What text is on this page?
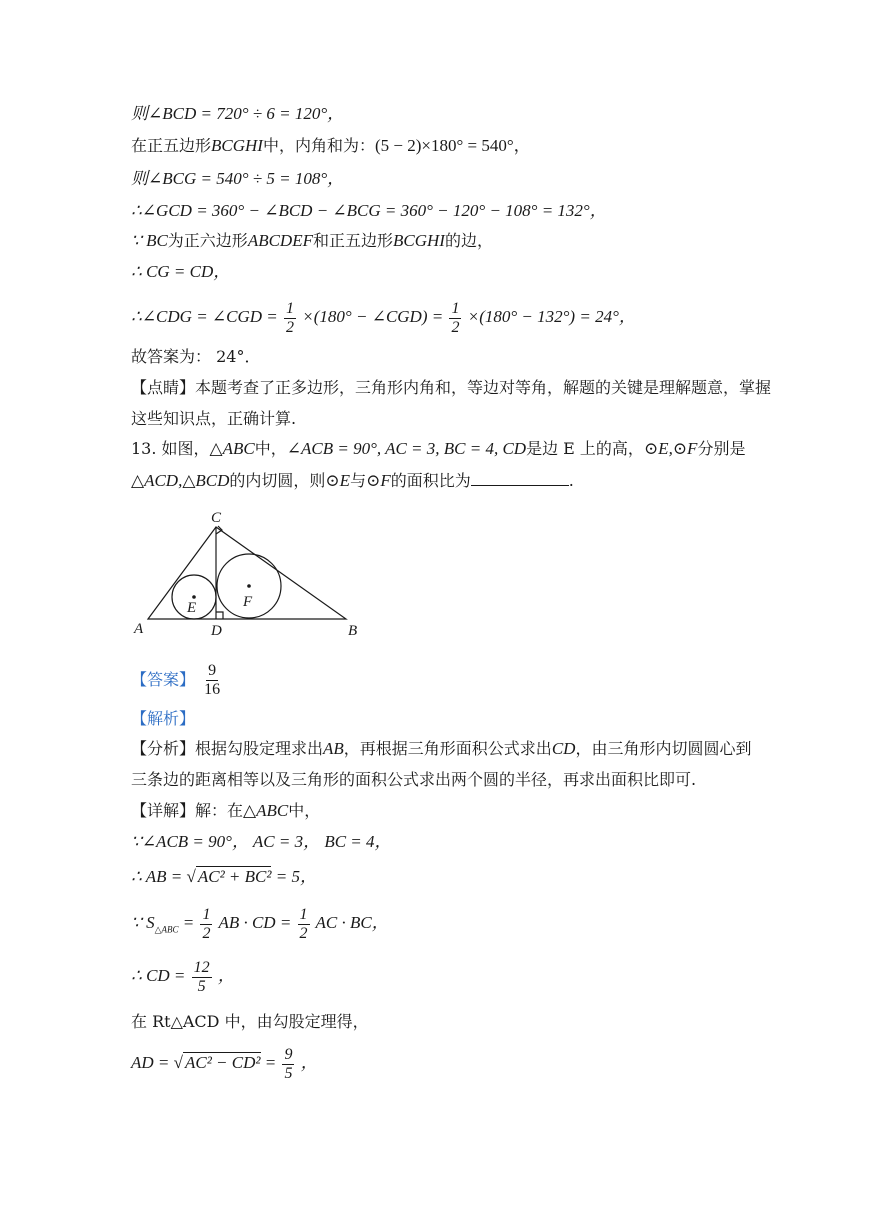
则∠BCD = 720° ÷ 6 = 120°，
在正五边形BCGHI中，内角和为：(5 − 2)×180° = 540°，
则∠BCG = 540° ÷ 5 = 108°，
∴∠GCD = 360° − ∠BCD − ∠BCG = 360° − 120° − 108° = 132°，
∵ BC为正六边形ABCDEF和正五边形BCGHI的边，
∴ CG = CD，
∴∠CDG = ∠CGD = $\frac{1}{2} \times(180^\circ$ − ∠CGD) = $\frac{1}{2} \times(180^\circ - 132^\circ) = 24^\circ$，
故答案为： 24°．
【点睛】本题考查了正多边形，三角形内角和，等边对等角，解题的关键是理解题意，掌握
这些知识点，正确计算.
13. 如图，△ABC中，∠ACB = 90°, AC = 3, BC = 4, CD是边 E 上的高，⊙E,⊙F分别是
△ACD,△BCD的内切圆，则⊙E与⊙F的面积比为	.
A	B
C
D
E	F
【答案】 $\frac{9}{16}$
【解析】
【分析】根据勾股定理求出AB，再根据三角形面积公式求出CD，由三角形内切圆圆心到
三条边的距离相等以及三角形的面积公式求出两个圆的半径，再求出面积比即可.
【详解】解：在△ABC中，
∵∠ACB = 90°， AC = 3， BC = 4，
∴ AB = √ AC² + BC² = 5，
∵ $S_{\triangle ABC} = \frac{1}{2}$ AB · CD = $\frac{1}{2}$ AC · BC，
∴ CD = $\frac{12}{5}$ ，
在 Rt△ACD 中，由勾股定理得，
AD = √ $AC^2 - CD^2 = \frac{9}{5}$ ，
